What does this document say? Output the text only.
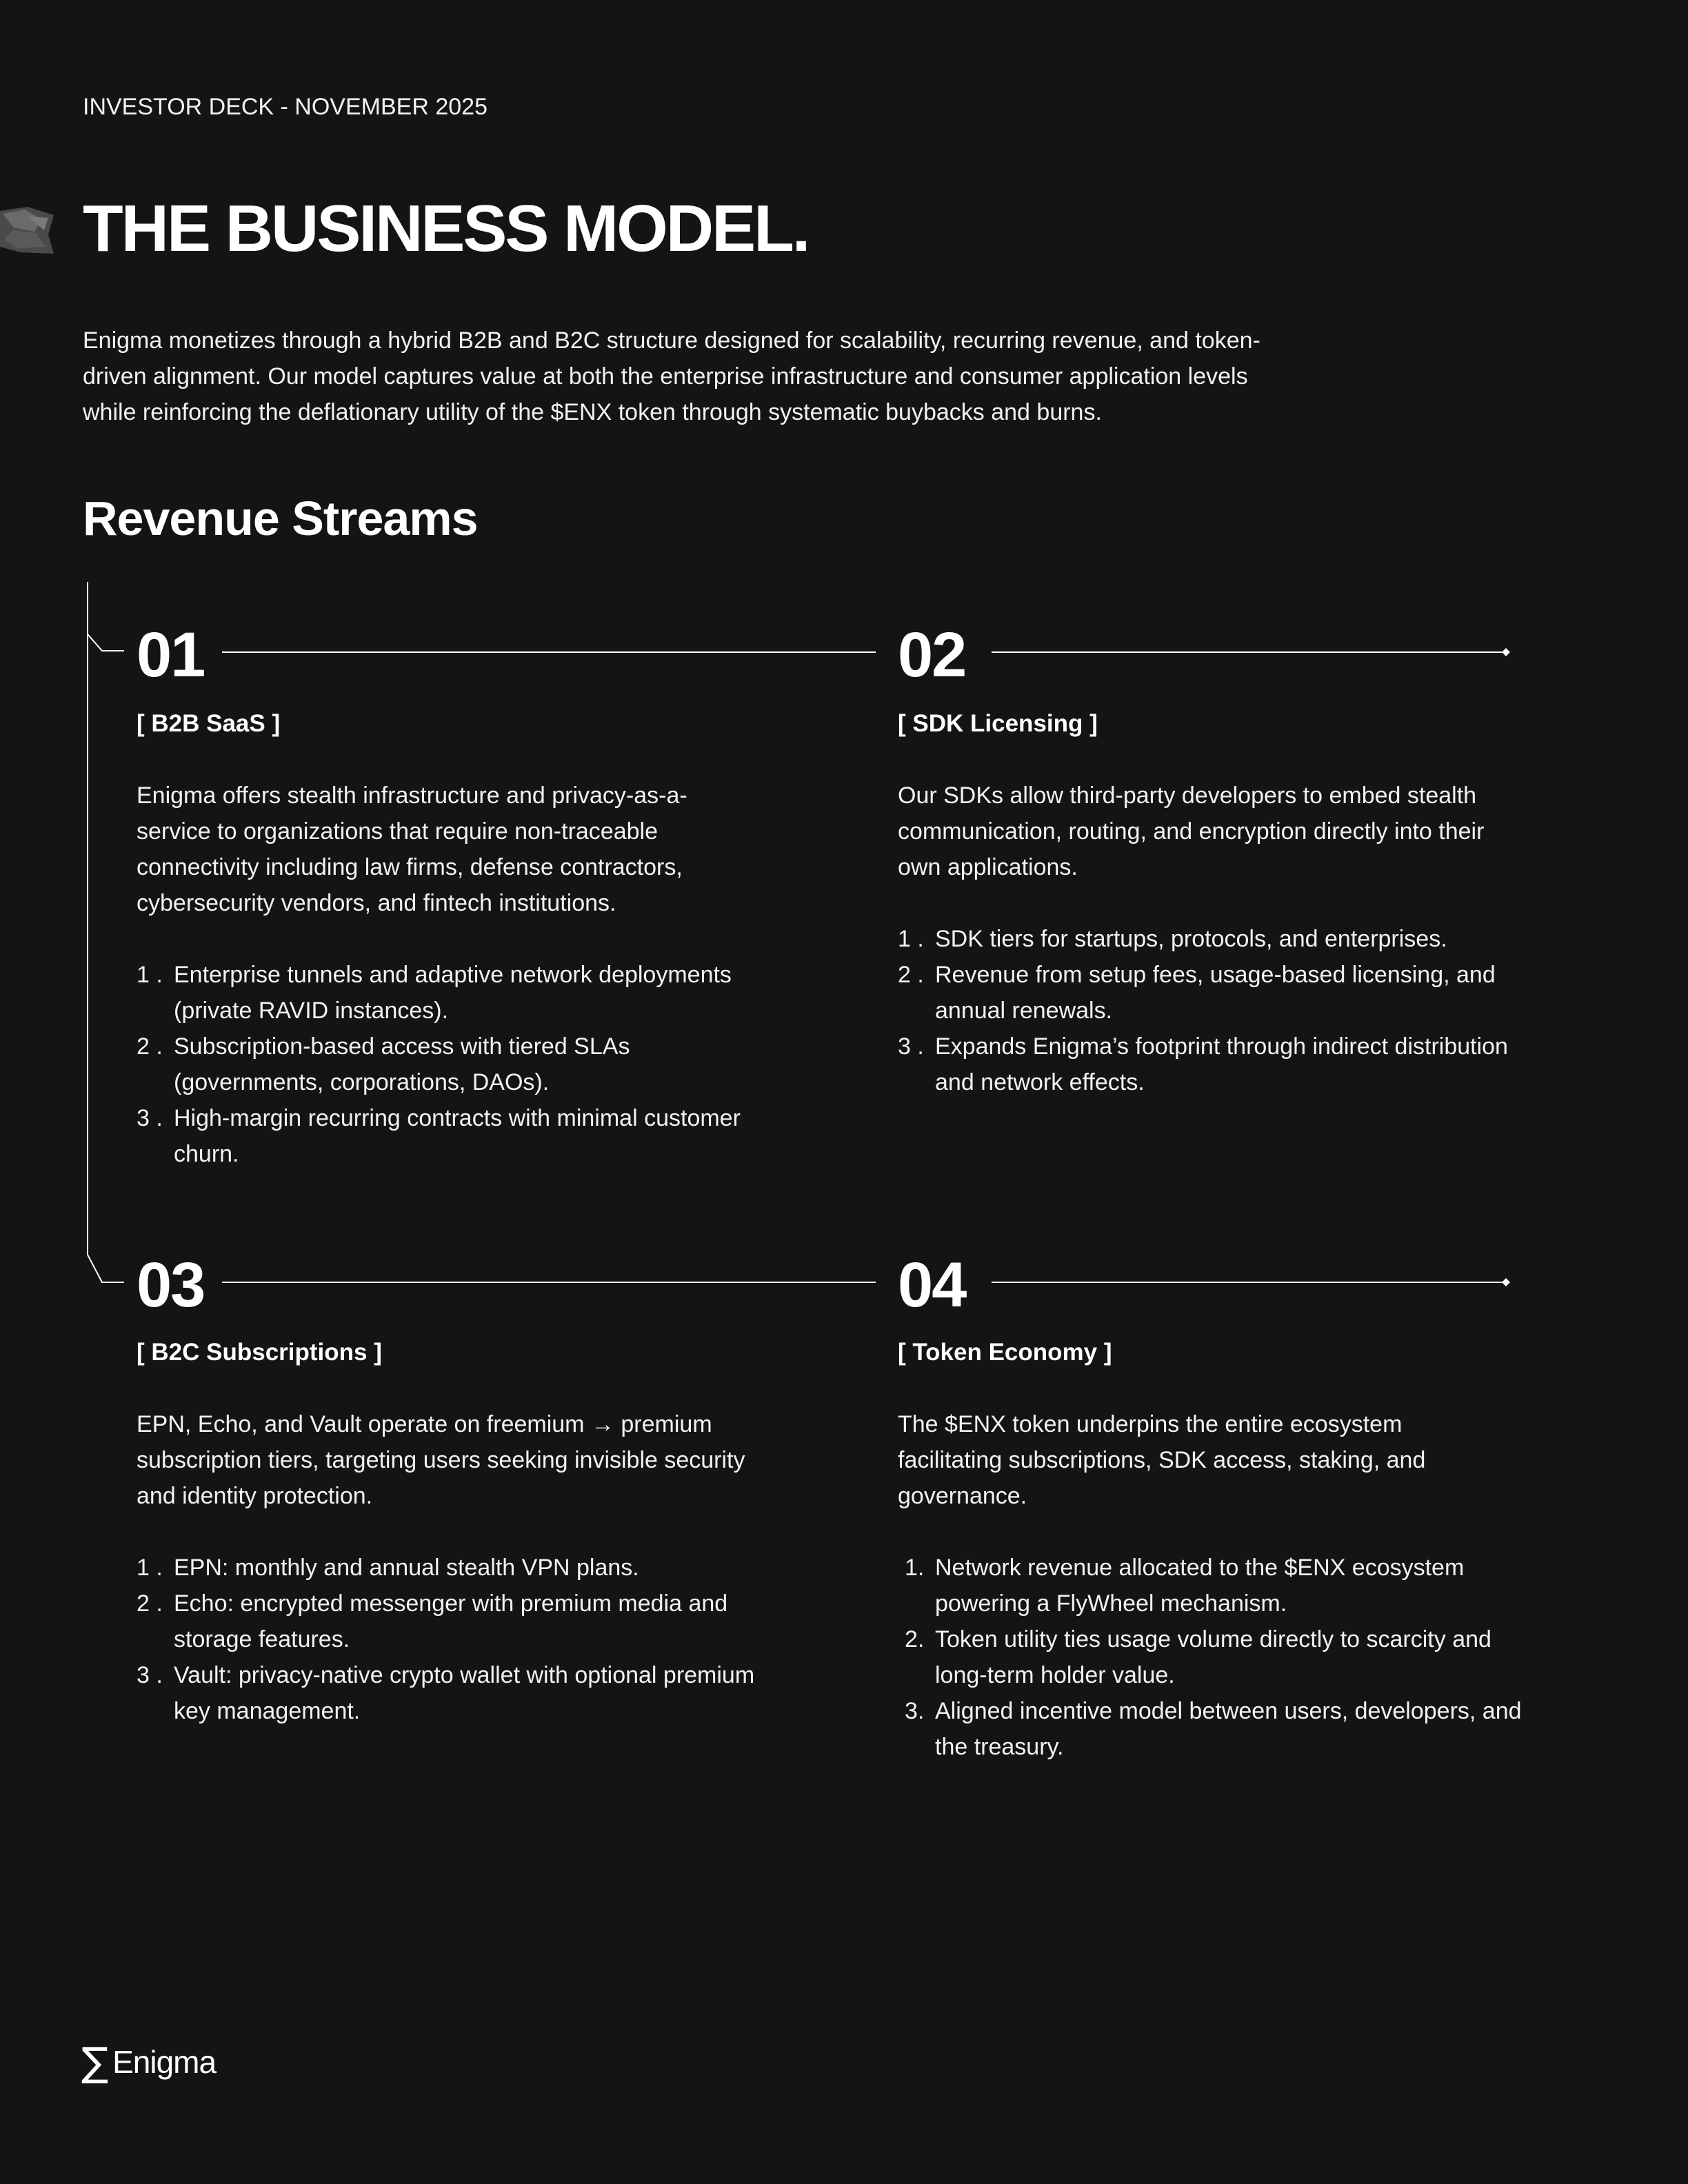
INVESTOR DECK - NOVEMBER 2025
THE BUSINESS MODEL.

Enigma monetizes through a hybrid B2B and B2C structure designed for scalability, recurring revenue, and token-driven alignment. Our model captures value at both the enterprise infrastructure and consumer application levels while reinforcing the deflationary utility of the $ENX token through systematic buybacks and burns.

Revenue Streams
01
[ B2B SaaS ]

Enigma offers stealth infrastructure and privacy-as-a-service to organizations that require non-traceable connectivity including law firms, defense contractors, cybersecurity vendors, and fintech institutions.

1 . Enterprise tunnels and adaptive network deployments (private RAVID instances).
2 . Subscription-based access with tiered SLAs (governments, corporations, DAOs).
3 . High-margin recurring contracts with minimal customer churn.
02
[ SDK Licensing ]

Our SDKs allow third-party developers to embed stealth communication, routing, and encryption directly into their own applications.

1 . SDK tiers for startups, protocols, and enterprises.
2 . Revenue from setup fees, usage-based licensing, and annual renewals.
3 . Expands Enigma’s footprint through indirect distribution and network effects.
03
[ B2C Subscriptions ]

EPN, Echo, and Vault operate on freemium → premium subscription tiers, targeting users seeking invisible security and identity protection.

1 . EPN: monthly and annual stealth VPN plans.
2 . Echo: encrypted messenger with premium media and storage features.
3 . Vault: privacy-native crypto wallet with optional premium key management.
04
[ Token Economy ]

The $ENX token underpins the entire ecosystem facilitating subscriptions, SDK access, staking, and governance.

1. Network revenue allocated to the $ENX ecosystem powering a FlyWheel mechanism.
2. Token utility ties usage volume directly to scarcity and long-term holder value.
3. Aligned incentive model between users, developers, and the treasury.
∑ Enigma
